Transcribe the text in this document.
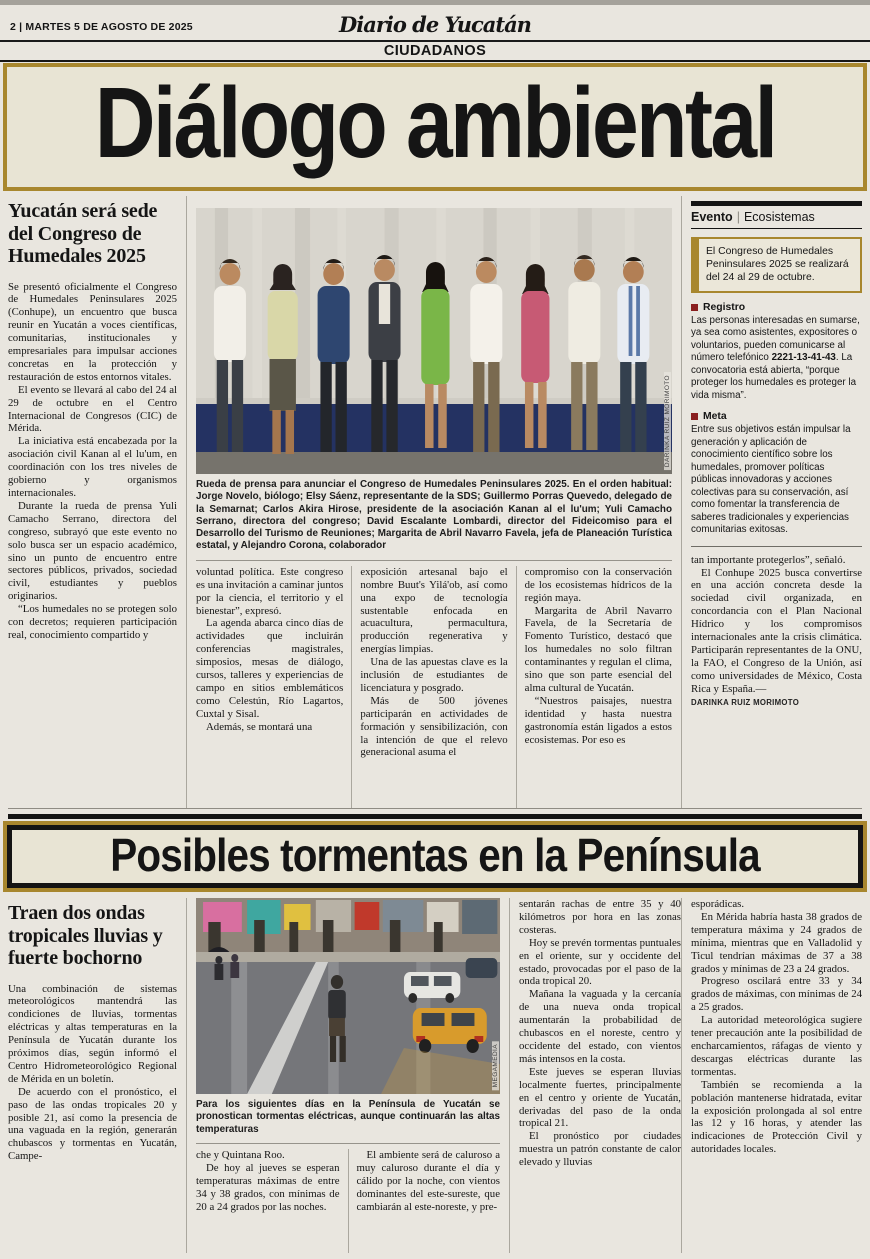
2 | MARTES 5 DE AGOSTO DE 2025	Diario de Yucatán
CIUDADANOS
Diálogo ambiental
Yucatán será sede del Congreso de Humedales 2025

Se presentó oficialmente el Congreso de Humedales Peninsulares 2025 (Conhupe), un encuentro que busca reunir en Yucatán a voces científicas, comunitarias, institucionales y empresariales para impulsar acciones concretas en la protección y restauración de estos entornos vitales.

El evento se llevará al cabo del 24 al 29 de octubre en el Centro Internacional de Congresos (CIC) de Mérida.

La iniciativa está encabezada por la asociación civil Kanan al el lu'um, en coordinación con los tres niveles de gobierno y organismos internacionales.

Durante la rueda de prensa Yuli Camacho Serrano, directora del congreso, subrayó que este evento no solo busca ser un espacio académico, sino un punto de encuentro entre sectores públicos, privados, sociedad civil, estudiantes y pueblos originarios.

“Los humedales no se protegen solo con decretos; requieren participación real, conocimiento compartido y

DARINKA RUIZ MORIMOTO
Rueda de prensa para anunciar el Congreso de Humedales Peninsulares 2025. En el orden habitual: Jorge Novelo, biólogo; Elsy Sáenz, representante de la SDS; Guillermo Porras Quevedo, delegado de la Semarnat; Carlos Akira Hirose, presidente de la asociación Kanan al el lu'um; Yuli Camacho Serrano, directora del congreso; David Escalante Lombardi, director del Fideicomiso para el Desarrollo del Turismo de Reuniones; Margarita de Abril Navarro Favela, jefa de Planeación Turística estatal, y Alejandro Corona, colaborador

voluntad política. Este congreso es una invitación a caminar juntos por la ciencia, el territorio y el bienestar”, expresó.

La agenda abarca cinco días de actividades que incluirán conferencias magistrales, simposios, mesas de diálogo, cursos, talleres y experiencias de campo en sitios emblemáticos como Celestún, Río Lagartos, Cuxtal y Sisal.

Además, se montará una

exposición artesanal bajo el nombre Buut's Yilá'ob, así como una expo de tecnología sustentable enfocada en acuacultura, permacultura, producción regenerativa y energías limpias.

Una de las apuestas clave es la inclusión de estudiantes de licenciatura y posgrado.

Más de 500 jóvenes participarán en actividades de formación y sensibilización, con la intención de que el relevo generacional asuma el

compromiso con la conservación de los ecosistemas hídricos de la región maya.

Margarita de Abril Navarro Favela, de la Secretaría de Fomento Turístico, destacó que los humedales no solo filtran contaminantes y regulan el clima, sino que son parte esencial del alma cultural de Yucatán.

“Nuestros paisajes, nuestra identidad y hasta nuestra gastronomía están ligados a estos ecosistemas. Por eso es

Evento | Ecosistemas
El Congreso de Humedales Peninsulares 2025 se realizará del 24 al 29 de octubre.
Registro
Las personas interesadas en sumarse, ya sea como asistentes, expositores o voluntarios, pueden comunicarse al número telefónico 2221-13-41-43. La convocatoria está abierta, “porque proteger los humedales es proteger la vida misma”.
Meta
Entre sus objetivos están impulsar la generación y aplicación de conocimiento científico sobre los humedales, promover políticas públicas innovadoras y acciones colectivas para su conservación, así como fomentar la transferencia de saberes tradicionales y experiencias comunitarias exitosas.

tan importante protegerlos”, señaló.

El Conhupe 2025 busca convertirse en una acción concreta desde la sociedad civil organizada, en concordancia con el Plan Nacional Hídrico y los compromisos internacionales ante la crisis climática. Participarán representantes de la ONU, la FAO, el Congreso de la Unión, así como universidades de México, Costa Rica y España.—

DARINKA RUIZ MORIMOTO
Posibles tormentas en la Península
Traen dos ondas tropicales lluvias y fuerte bochorno

Una combinación de sistemas meteorológicos mantendrá las condiciones de lluvias, tormentas eléctricas y altas temperaturas en la Península de Yucatán durante los próximos días, según informó el Centro Hidrometeorológico Regional de Mérida en un boletín.

De acuerdo con el pronóstico, el paso de las ondas tropicales 20 y posible 21, así como la presencia de una vaguada en la región, generarán chubascos y tormentas en Yucatán, Campe-

MEGAMEDIA
Para los siguientes días en la Península de Yucatán se pronostican tormentas eléctricas, aunque continuarán las altas temperaturas

che y Quintana Roo.

De hoy al jueves se esperan temperaturas máximas de entre 34 y 38 grados, con mínimas de 20 a 24 grados por las noches.

El ambiente será de caluroso a muy caluroso durante el día y cálido por la noche, con vientos dominantes del este-sureste, que cambiarán al este-noreste, y pre-

sentarán rachas de entre 35 y 40 kilómetros por hora en las zonas costeras.

Hoy se prevén tormentas puntuales en el oriente, sur y occidente del estado, provocadas por el paso de la onda tropical 20.

Mañana la vaguada y la cercanía de una nueva onda tropical aumentarán la probabilidad de chubascos en el noreste, centro y occidente del estado, con vientos más intensos en la costa.

Este jueves se esperan lluvias localmente fuertes, principalmente en el centro y oriente de Yucatán, derivadas del paso de la onda tropical 21.

El pronóstico por ciudades muestra un patrón constante de calor elevado y lluvias

esporádicas.

En Mérida habría hasta 38 grados de temperatura máxima y 24 grados de mínima, mientras que en Valladolid y Ticul tendrían máximas de 37 a 38 grados y mínimas de 23 a 24 grados.

Progreso oscilará entre 33 y 34 grados de máximas, con mínimas de 24 a 25 grados.

La autoridad meteorológica sugiere tener precaución ante la posibilidad de encharcamientos, ráfagas de viento y descargas eléctricas durante las tormentas.

También se recomienda a la población mantenerse hidratada, evitar la exposición prolongada al sol entre las 12 y 16 horas, y atender las indicaciones de Protección Civil y autoridades locales.
